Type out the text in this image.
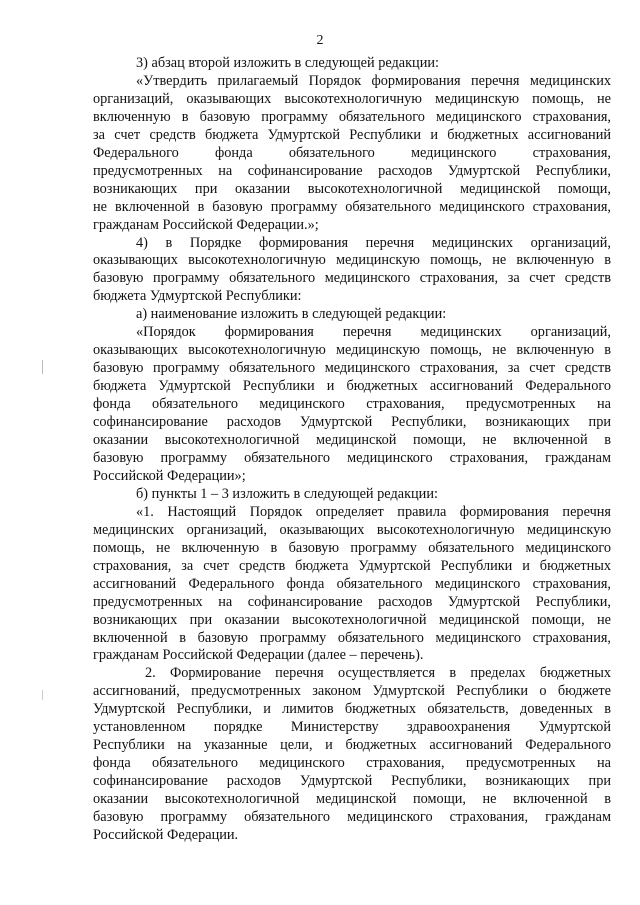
2

3) абзац второй изложить в следующей редакции:

«Утвердить прилагаемый Порядок формирования перечня медицинских
организаций, оказывающих высокотехнологичную медицинскую помощь, не
включенную в базовую программу обязательного медицинского страхования,
за счет средств бюджета Удмуртской Республики и бюджетных ассигнований
Федерального фонда обязательного медицинского страхования,
предусмотренных на софинансирование расходов Удмуртской Республики,
возникающих при оказании высокотехнологичной медицинской помощи,
не включенной в базовую программу обязательного медицинского страхования,
гражданам Российской Федерации.»;

4) в Порядке формирования перечня медицинских организаций,
оказывающих высокотехнологичную медицинскую помощь, не включенную в
базовую программу обязательного медицинского страхования, за счет средств
бюджета Удмуртской Республики:

а) наименование изложить в следующей редакции:

«Порядок формирования перечня медицинских организаций,
оказывающих высокотехнологичную медицинскую помощь, не включенную в
базовую программу обязательного медицинского страхования, за счет средств
бюджета Удмуртской Республики и бюджетных ассигнований Федерального
фонда обязательного медицинского страхования, предусмотренных на
софинансирование расходов Удмуртской Республики, возникающих при
оказании высокотехнологичной медицинской помощи, не включенной в
базовую программу обязательного медицинского страхования, гражданам
Российской Федерации»;

б) пункты 1 – 3 изложить в следующей редакции:

«1. Настоящий Порядок определяет правила формирования перечня
медицинских организаций, оказывающих высокотехнологичную медицинскую
помощь, не включенную в базовую программу обязательного медицинского
страхования, за счет средств бюджета Удмуртской Республики и бюджетных
ассигнований Федерального фонда обязательного медицинского страхования,
предусмотренных на софинансирование расходов Удмуртской Республики,
возникающих при оказании высокотехнологичной медицинской помощи, не
включенной в базовую программу обязательного медицинского страхования,
гражданам Российской Федерации (далее – перечень).

2. Формирование перечня осуществляется в пределах бюджетных
ассигнований, предусмотренных законом Удмуртской Республики о бюджете
Удмуртской Республики, и лимитов бюджетных обязательств, доведенных в
установленном порядке Министерству здравоохранения Удмуртской
Республики на указанные цели, и бюджетных ассигнований Федерального
фонда обязательного медицинского страхования, предусмотренных на
софинансирование расходов Удмуртской Республики, возникающих при
оказании высокотехнологичной медицинской помощи, не включенной в
базовую программу обязательного медицинского страхования, гражданам
Российской Федерации.
